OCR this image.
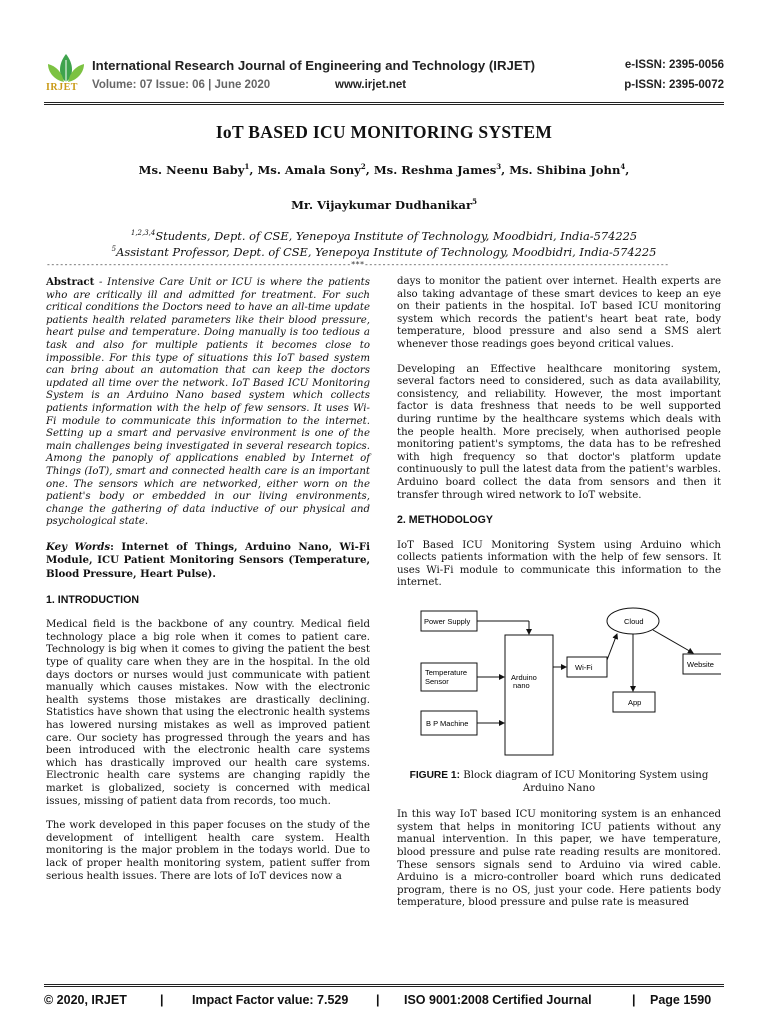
IRJET
International Research Journal of Engineering and Technology (IRJET)
Volume: 07 Issue: 06 | June 2020	www.irjet.net
e-ISSN: 2395-0056
p-ISSN: 2395-0072
IoT BASED ICU MONITORING SYSTEM
Ms. Neenu Baby$^1$, Ms. Amala Sony$^2$, Ms. Reshma James$^3$, Ms. Shibina John$^4$,
Mr. Vijaykumar Dudhanikar$^5$
$^{1,2,3,4}$Students, Dept. of CSE, Yenepoya Institute of Technology, Moodbidri, India-574225
$^5$Assistant Professor, Dept. of CSE, Yenepoya Institute of Technology, Moodbidri, India-574225
---------------------------------------------------------------------***---------------------------------------------------------------------

Abstract - Intensive Care Unit or ICU is where the patients who are critically ill and admitted for treatment. For such critical conditions the Doctors need to have an all-time update patients health related parameters like their blood pressure, heart pulse and temperature. Doing manually is too tedious a task and also for multiple patients it becomes close to impossible. For this type of situations this IoT based system can bring about an automation that can keep the doctors updated all time over the network. IoT Based ICU Monitoring System is an Arduino Nano based system which collects patients information with the help of few sensors. It uses Wi-Fi module to communicate this information to the internet. Setting up a smart and pervasive environment is one of the main challenges being investigated in several research topics. Among the panoply of applications enabled by Internet of Things (IoT), smart and connected health care is an important one. The sensors which are networked, either worn on the patient's body or embedded in our living environments, change the gathering of data inductive of our physical and psychological state.

Key Words: Internet of Things, Arduino Nano, Wi-Fi Module, ICU Patient Monitoring Sensors (Temperature, Blood Pressure, Heart Pulse).

1. INTRODUCTION

Medical field is the backbone of any country. Medical field technology place a big role when it comes to patient care. Technology is big when it comes to giving the patient the best type of quality care when they are in the hospital. In the old days doctors or nurses would just communicate with patient manually which causes mistakes. Now with the electronic health systems those mistakes are drastically declining. Statistics have shown that using the electronic health systems has lowered nursing mistakes as well as improved patient care. Our society has progressed through the years and has been introduced with the electronic health care systems which has drastically improved our health care systems. Electronic health care systems are changing rapidly the market is globalized, society is concerned with medical issues, missing of patient data from records, too much.

The work developed in this paper focuses on the study of the development of intelligent health care system. Health monitoring is the major problem in the todays world. Due to lack of proper health monitoring system, patient suffer from serious health issues. There are lots of IoT devices now a

days to monitor the patient over internet. Health experts are also taking advantage of these smart devices to keep an eye on their patients in the hospital. IoT based ICU monitoring system which records the patient's heart beat rate, body temperature, blood pressure and also send a SMS alert whenever those readings goes beyond critical values.

Developing an Effective healthcare monitoring system, several factors need to considered, such as data availability, consistency, and reliability. However, the most important factor is data freshness that needs to be well supported during runtime by the healthcare systems which deals with the people health. More precisely, when authorised people monitoring patient's symptoms, the data has to be refreshed with high frequency so that doctor's platform update continuously to pull the latest data from the patient's warbles. Arduino board collect the data from sensors and then it transfer through wired network to IoT website.

2. METHODOLOGY

IoT Based ICU Monitoring System using Arduino which collects patients information with the help of few sensors. It uses Wi-Fi module to communicate this information to the internet.

Power Supply
Temperature
Sensor
B P Machine
Arduino
nano
Wi-Fi
Cloud
Website
App
FIGURE 1: Block diagram of ICU Monitoring System using Arduino Nano

In this way IoT based ICU monitoring system is an enhanced system that helps in monitoring ICU patients without any manual intervention. In this paper, we have temperature, blood pressure and pulse rate reading results are monitored. These sensors signals send to Arduino via wired cable. Arduino is a micro-controller board which runs dedicated program, there is no OS, just your code. Here patients body temperature, blood pressure and pulse rate is measured

© 2020, IRJET	| Impact Factor value: 7.529 | ISO 9001:2008 Certified Journal	| Page 1590
